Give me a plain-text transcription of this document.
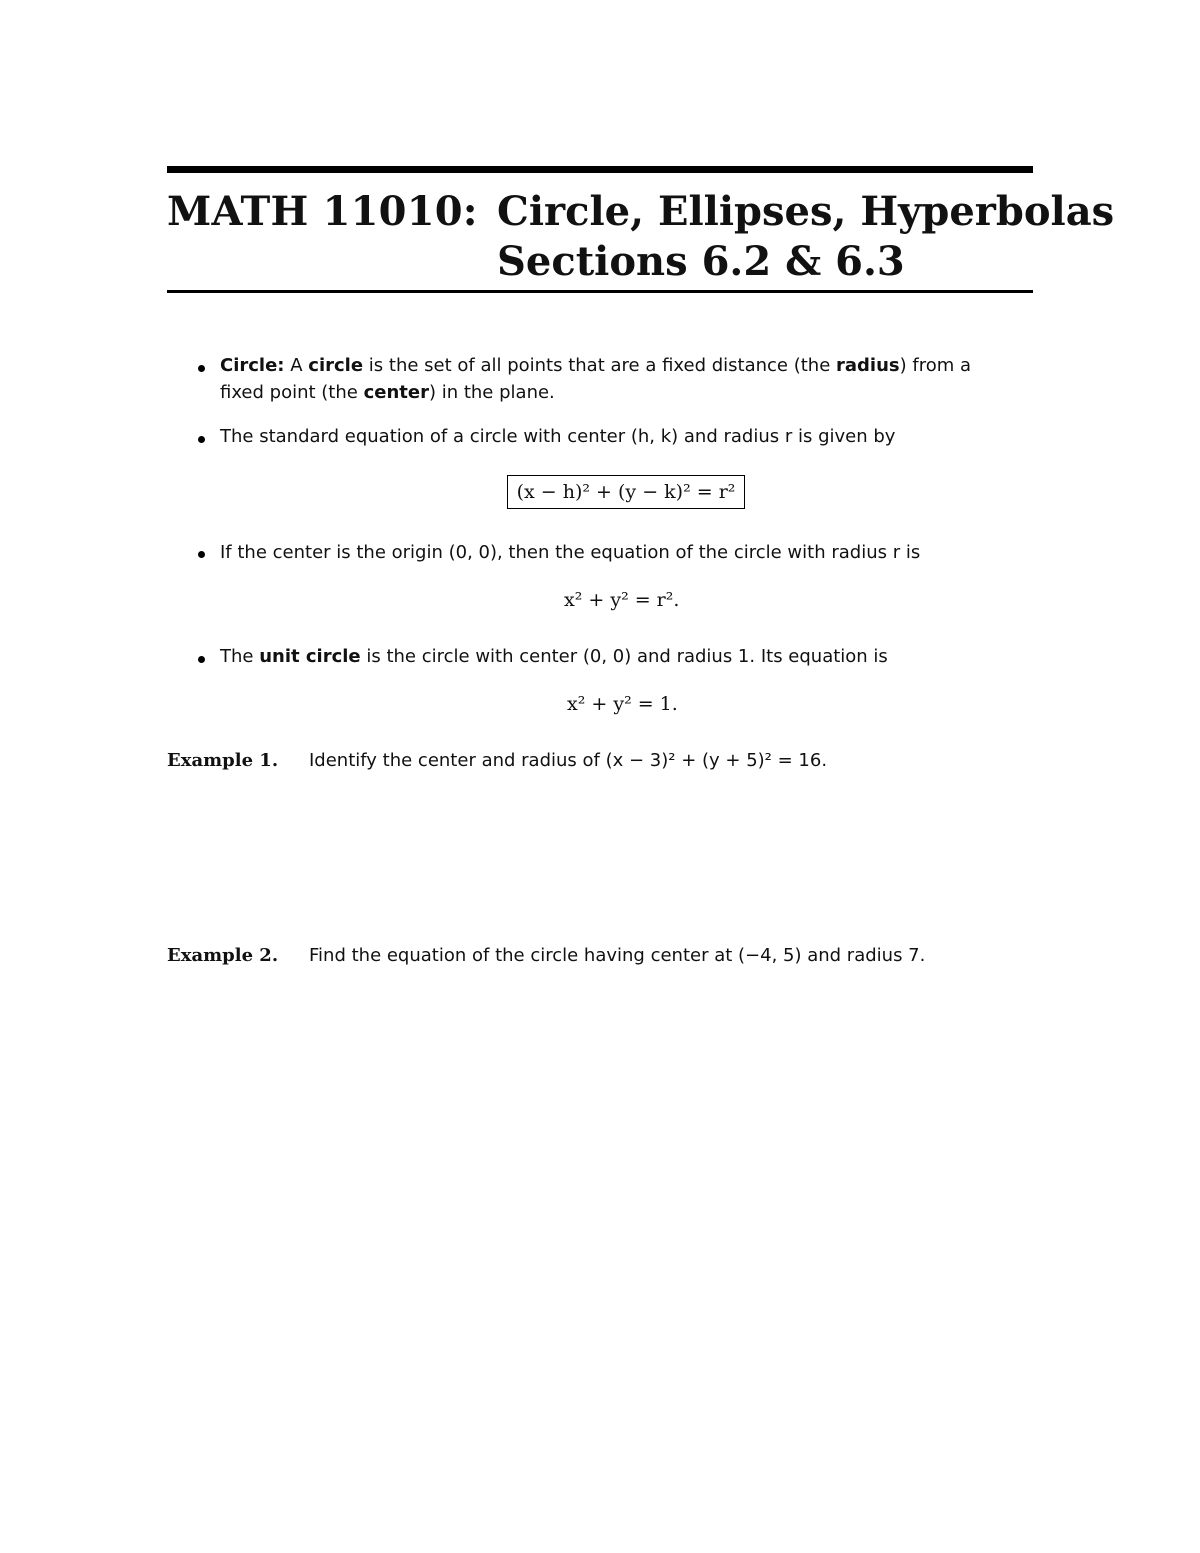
MATH 11010: Circle, Ellipses, Hyperbolas
Sections 6.2 & 6.3
Circle: A circle is the set of all points that are a fixed distance (the radius) from a
fixed point (the center) in the plane.
The standard equation of a circle with center (h, k) and radius r is given by
(x − h)² + (y − k)² = r²
If the center is the origin (0, 0), then the equation of the circle with radius r is
x² + y² = r².
The unit circle is the circle with center (0, 0) and radius 1. Its equation is
x² + y² = 1.
Example 1. Identify the center and radius of (x − 3)² + (y + 5)² = 16.
Example 2. Find the equation of the circle having center at (−4, 5) and radius 7.
